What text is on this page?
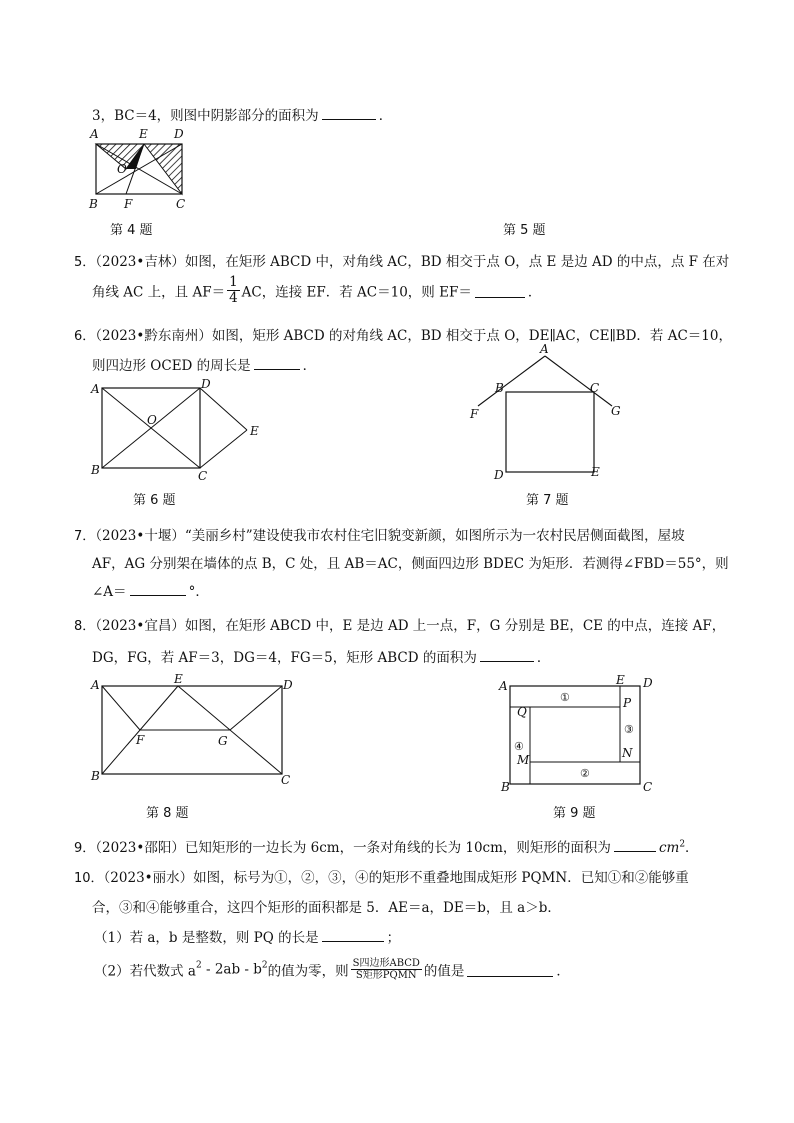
3，BC＝4，则图中阴影部分的面积为	．
A	E D
O
B F	C
第 4 题	第 5 题
5．（2023•吉林）如图，在矩形 ABCD 中，对角线 AC，BD 相交于点 O，点 E 是边 AD 的中点，点 F 在对
角线 AC 上，且 $AF= \frac{1}{4}$ AC，连接 EF．若 AC＝10，则 EF＝	．
6．（2023•黔东南州）如图，矩形 ABCD 的对角线 AC，BD 相交于点 O，DE∥AC，CE∥BD．若 AC＝10，
则四边形 OCED 的周长是	．
A	D
O
E
B	C
第 6 题
A
B	C
F	G
D	E
第 7 题
7．（2023•十堰）“美丽乡村”建设使我市农村住宅旧貌变新颜，如图所示为一农村民居侧面截图，屋坡
AF，AG 分别架在墙体的点 B，C 处，且 AB＝AC，侧面四边形 BDEC 为矩形．若测得∠FBD＝55°，则
∠A＝	°．
8．（2023•宜昌）如图，在矩形 ABCD 中，E 是边 AD 上一点，F，G 分别是 BE，CE 的中点，连接 AF，
DG，FG，若 AF＝3，DG＝4，FG＝5，矩形 ABCD 的面积为	．
A	E	D
F	G
B	C
第 8 题
A	E D
P
Q
M	N
B	C
①
②
③
④
第 9 题
9．（2023•邵阳）已知矩形的一边长为 6cm，一条对角线的长为 10cm，则矩形的面积为	$cm^2$．
10．（2023•丽水）如图，标号为①，②，③，④的矩形不重叠地围成矩形 PQMN．已知①和②能够重
合，③和④能够重合，这四个矩形的面积都是 5．AE＝a，DE＝b，且 a＞b．
（1）若 a，b 是整数，则 PQ 的长是	；
（2）若代数式 $a^2 - 2ab - b^2$的值为零，则 $\frac{\text{S四边形ABCD}}{\text{S矩形PQMN}}$ 的值是	．
